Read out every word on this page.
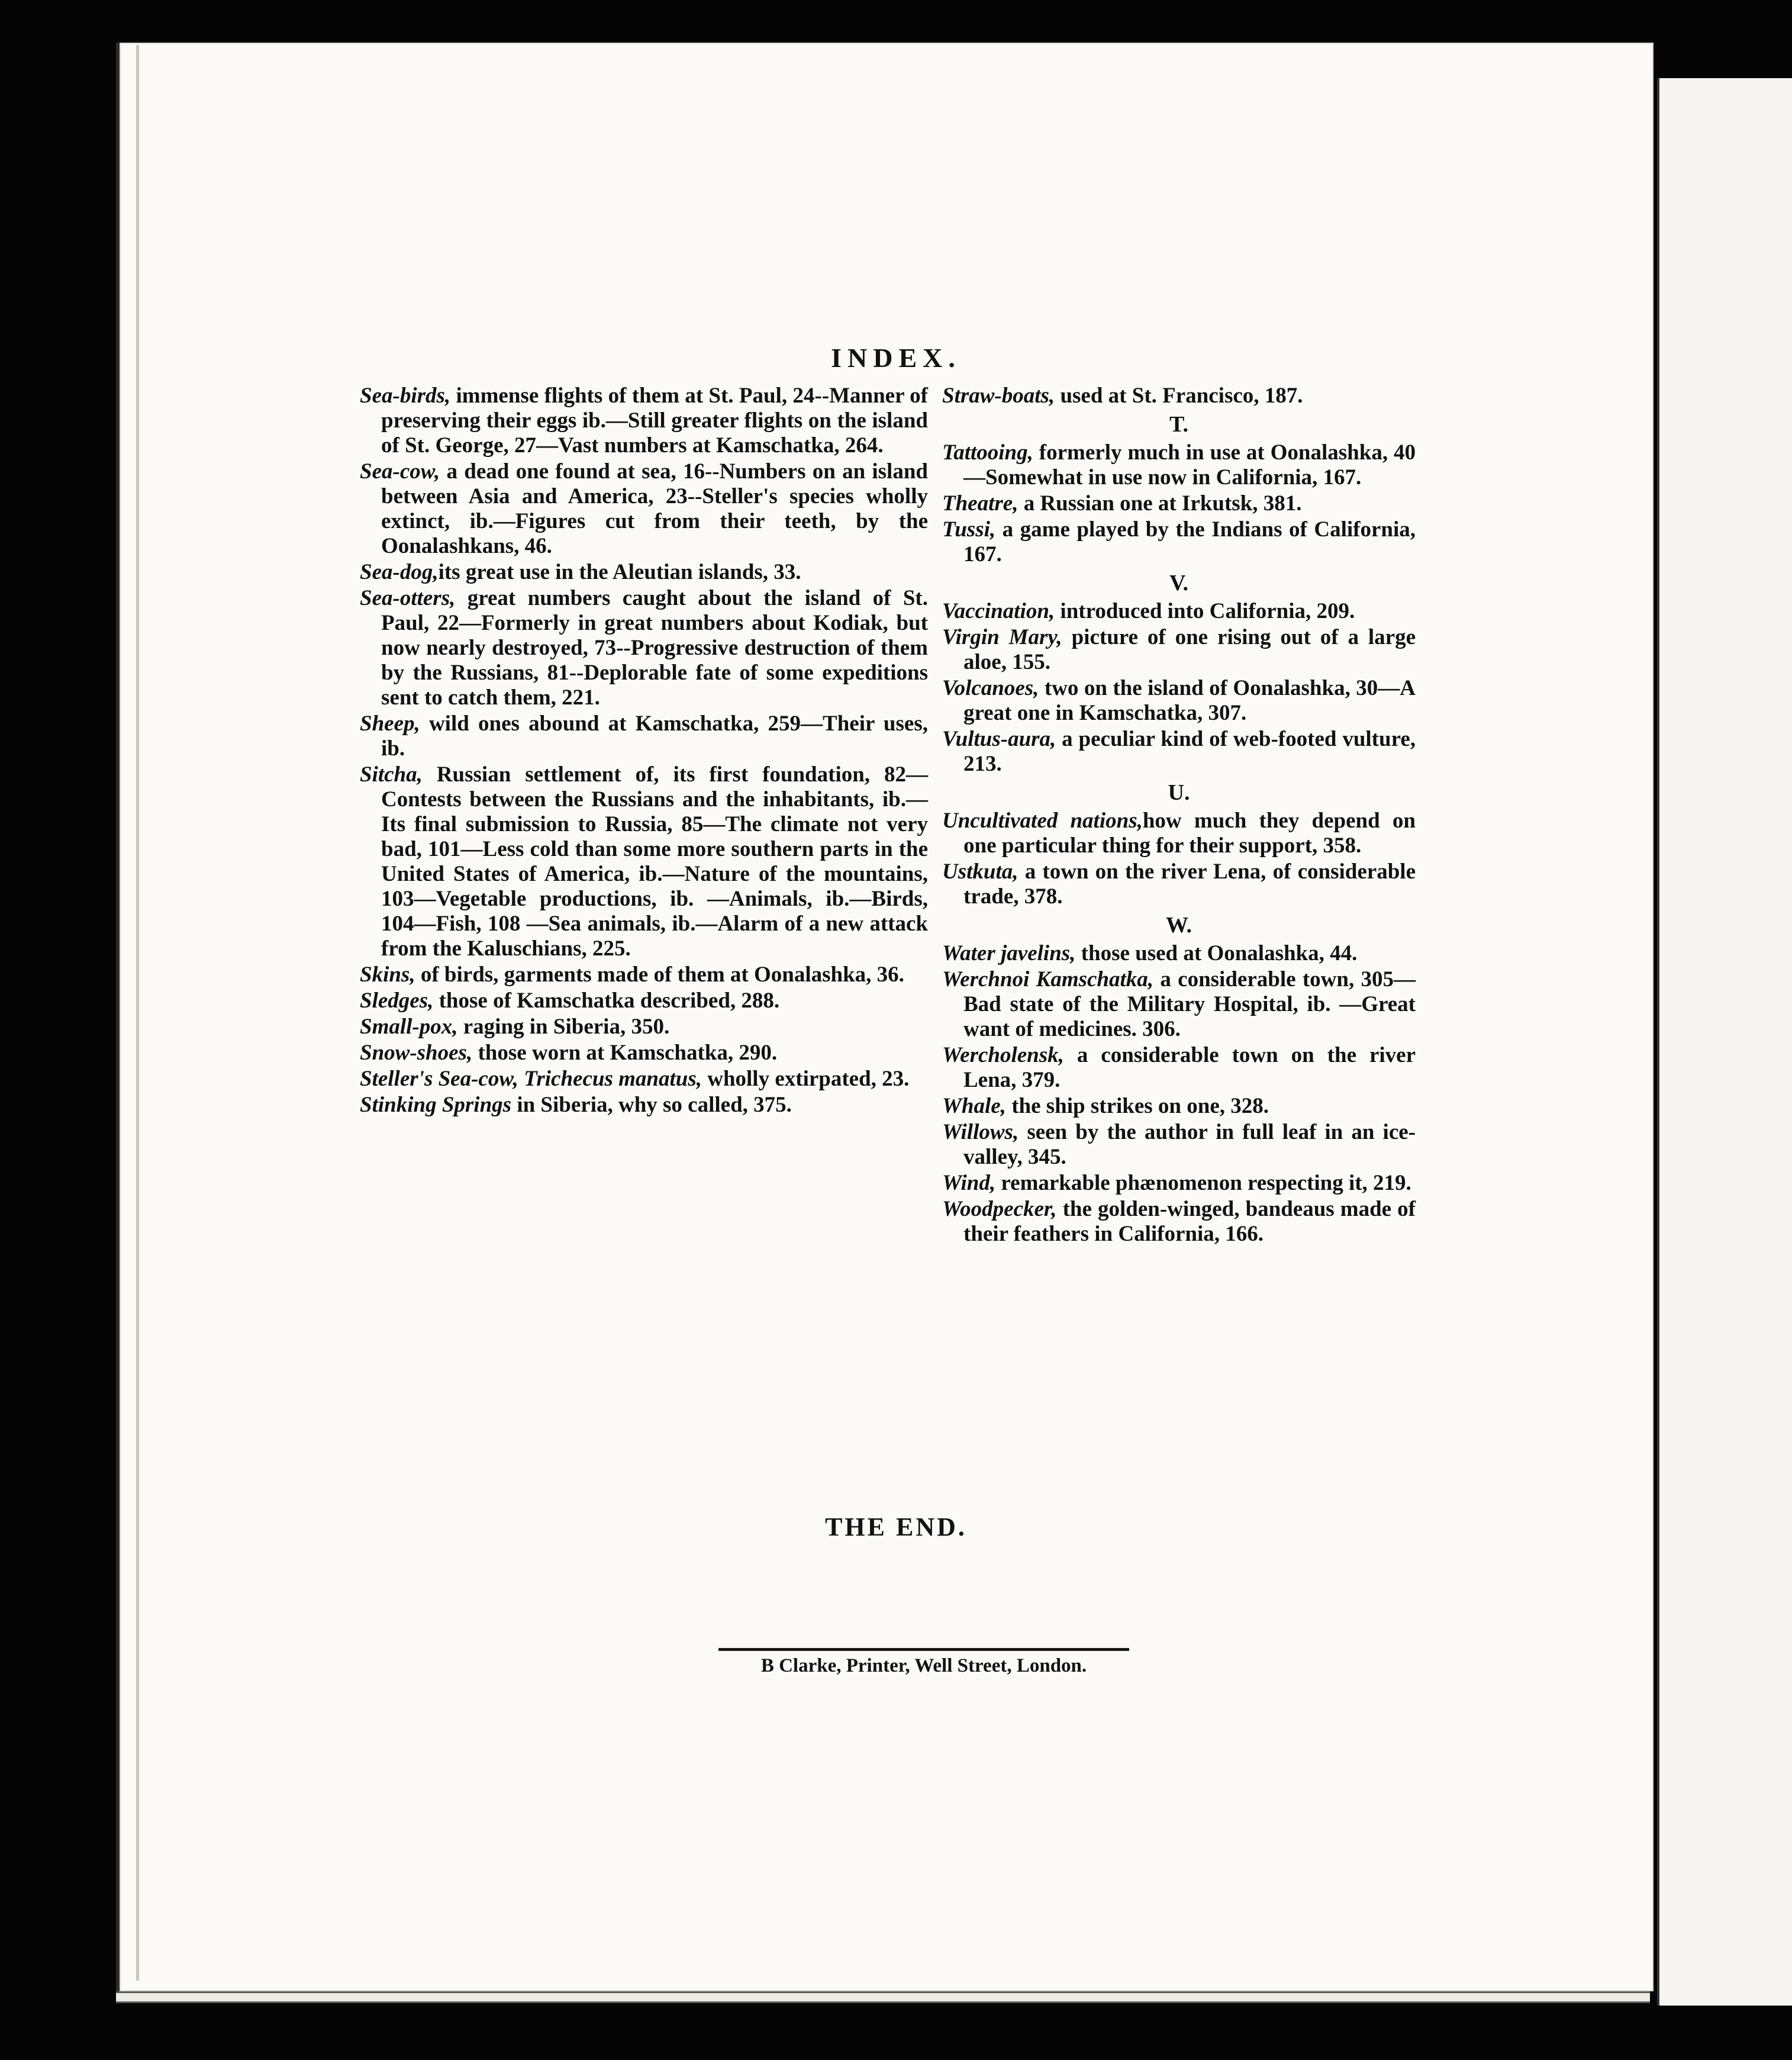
INDEX.

Sea-birds, immense flights of them at St. Paul, 24--Manner of preserving their eggs ib.—Still greater flights on the island of St. George, 27—Vast numbers at Kamschatka, 264.

Sea-cow, a dead one found at sea, 16--Numbers on an island between Asia and America, 23--Steller's species wholly extinct, ib.—Figures cut from their teeth, by the Oonalashkans, 46.

Sea-dog,its great use in the Aleutian islands, 33.

Sea-otters, great numbers caught about the island of St. Paul, 22—Formerly in great numbers about Kodiak, but now nearly destroyed, 73--Progressive destruction of them by the Russians, 81--Deplorable fate of some expeditions sent to catch them, 221.

Sheep, wild ones abound at Kamschatka, 259—Their uses, ib.

Sitcha, Russian settlement of, its first foundation, 82—Contests between the Russians and the inhabitants, ib.—Its final submission to Russia, 85—The climate not very bad, 101—Less cold than some more southern parts in the United States of America, ib.—Nature of the mountains, 103—Vegetable productions, ib. —Animals, ib.—Birds, 104—Fish, 108 —Sea animals, ib.—Alarm of a new attack from the Kaluschians, 225.

Skins, of birds, garments made of them at Oonalashka, 36.

Sledges, those of Kamschatka described, 288.

Small-pox, raging in Siberia, 350.

Snow-shoes, those worn at Kamschatka, 290.

Steller's Sea-cow, Trichecus manatus, wholly extirpated, 23.

Stinking Springs in Siberia, why so called, 375.

Straw-boats, used at St. Francisco, 187.

T.

Tattooing, formerly much in use at Oonalashka, 40—Somewhat in use now in California, 167.

Theatre, a Russian one at Irkutsk, 381.

Tussi, a game played by the Indians of California, 167.

V.

Vaccination, introduced into California, 209.

Virgin Mary, picture of one rising out of a large aloe, 155.

Volcanoes, two on the island of Oonalashka, 30—A great one in Kamschatka, 307.

Vultus-aura, a peculiar kind of web-footed vulture, 213.

U.

Uncultivated nations,how much they depend on one particular thing for their support, 358.

Ustkuta, a town on the river Lena, of considerable trade, 378.

W.

Water javelins, those used at Oonalashka, 44.

Werchnoi Kamschatka, a considerable town, 305—Bad state of the Military Hospital, ib. —Great want of medicines. 306.

Wercholensk, a considerable town on the river Lena, 379.

Whale, the ship strikes on one, 328.

Willows, seen by the author in full leaf in an ice-valley, 345.

Wind, remarkable phænomenon respecting it, 219.

Woodpecker, the golden-winged, bandeaus made of their feathers in California, 166.

THE END.
B Clarke, Printer, Well Street, London.
